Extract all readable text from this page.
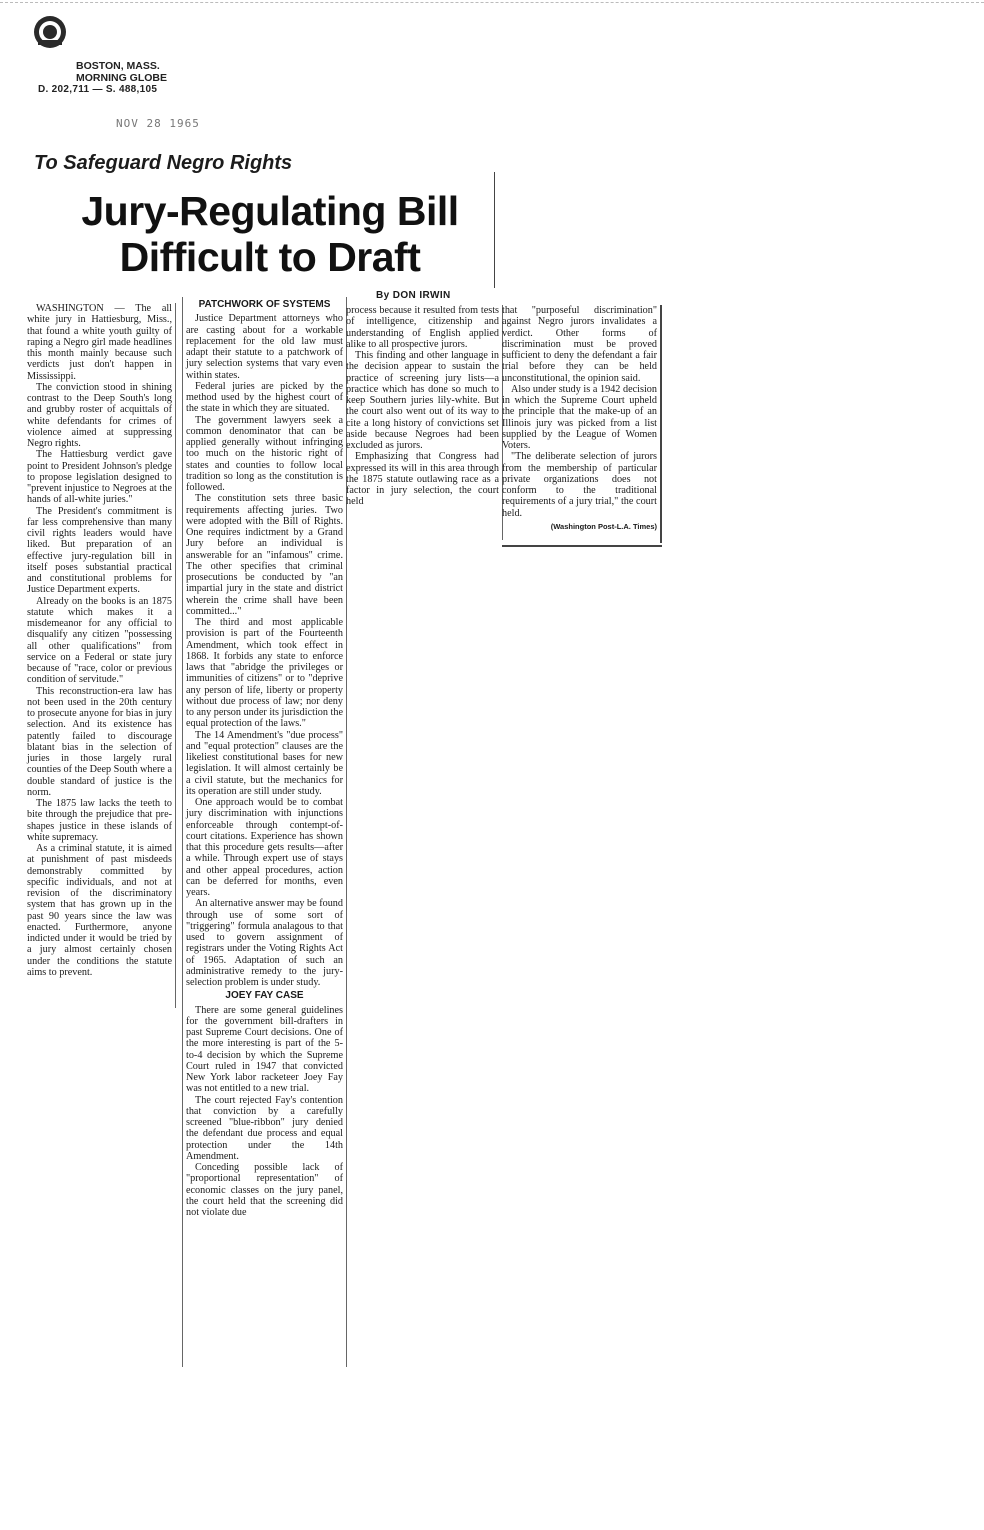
BOSTON, MASS.
MORNING GLOBE
D. 202,711 — S. 488,105
NOV 28 1965
To Safeguard Negro Rights
Jury-Regulating Bill
Difficult to Draft
By DON IRWIN

WASHINGTON — The all white jury in Hattiesburg, Miss., that found a white youth guilty of raping a Negro girl made headlines this month mainly because such verdicts just don't happen in Mississippi.

The conviction stood in shining contrast to the Deep South's long and grubby roster of acquittals of white defendants for crimes of violence aimed at suppressing Negro rights.

The Hattiesburg verdict gave point to President Johnson's pledge to propose legislation designed to "prevent injustice to Negroes at the hands of all-white juries."

The President's commitment is far less comprehensive than many civil rights leaders would have liked. But preparation of an effective jury-regulation bill in itself poses substantial practical and constitutional problems for Justice Department experts.

Already on the books is an 1875 statute which makes it a misdemeanor for any official to disqualify any citizen "possessing all other qualifications" from service on a Federal or state jury because of "race, color or previous condition of servitude."

This reconstruction-era law has not been used in the 20th century to prosecute anyone for bias in jury selection. And its existence has patently failed to discourage blatant bias in the selection of juries in those largely rural counties of the Deep South where a double standard of justice is the norm.

The 1875 law lacks the teeth to bite through the prejudice that pre-shapes justice in these islands of white supremacy.

As a criminal statute, it is aimed at punishment of past misdeeds demonstrably committed by specific individuals, and not at revision of the discriminatory system that has grown up in the past 90 years since the law was enacted. Furthermore, anyone indicted under it would be tried by a jury almost certainly chosen under the conditions the statute aims to prevent.

PATCHWORK OF SYSTEMS

Justice Department attorneys who are casting about for a workable replacement for the old law must adapt their statute to a patchwork of jury selection systems that vary even within states.

Federal juries are picked by the method used by the highest court of the state in which they are situated.

The government lawyers seek a common denominator that can be applied generally without infringing too much on the historic right of states and counties to follow local tradition so long as the constitution is followed.

The constitution sets three basic requirements affecting juries. Two were adopted with the Bill of Rights. One requires indictment by a Grand Jury before an individual is answerable for an "infamous" crime. The other specifies that criminal prosecutions be conducted by "an impartial jury in the state and district wherein the crime shall have been committed..."

The third and most applicable provision is part of the Fourteenth Amendment, which took effect in 1868. It forbids any state to enforce laws that "abridge the privileges or immunities of citizens" or to "deprive any person of life, liberty or property without due process of law; nor deny to any person under its jurisdiction the equal protection of the laws."

The 14 Amendment's "due process" and "equal protection" clauses are the likeliest constitutional bases for new legislation. It will almost certainly be a civil statute, but the mechanics for its operation are still under study.

One approach would be to combat jury discrimination with injunctions enforceable through contempt-of-court citations. Experience has shown that this procedure gets results—after a while. Through expert use of stays and other appeal procedures, action can be deferred for months, even years.

An alternative answer may be found through use of some sort of "triggering" formula analagous to that used to govern assignment of registrars under the Voting Rights Act of 1965. Adaptation of such an administrative remedy to the jury-selection problem is under study.

JOEY FAY CASE

There are some general guidelines for the government bill-drafters in past Supreme Court decisions. One of the more interesting is part of the 5-to-4 decision by which the Supreme Court ruled in 1947 that convicted New York labor racketeer Joey Fay was not entitled to a new trial.

The court rejected Fay's contention that conviction by a carefully screened "blue-ribbon" jury denied the defendant due process and equal protection under the 14th Amendment.

Conceding possible lack of "proportional representation" of economic classes on the jury panel, the court held that the screening did not violate due

process because it resulted from tests of intelligence, citizenship and understanding of English applied alike to all prospective jurors.

This finding and other language in the decision appear to sustain the practice of screening jury lists—a practice which has done so much to keep Southern juries lily-white. But the court also went out of its way to cite a long history of convictions set aside because Negroes had been excluded as jurors.

Emphasizing that Congress had expressed its will in this area through the 1875 statute outlawing race as a factor in jury selection, the court held

that "purposeful discrimination" against Negro jurors invalidates a verdict. Other forms of discrimination must be proved sufficient to deny the defendant a fair trial before they can be held unconstitutional, the opinion said.

Also under study is a 1942 decision in which the Supreme Court upheld the principle that the make-up of an Illinois jury was picked from a list supplied by the League of Women Voters.

"The deliberate selection of jurors from the membership of particular private organizations does not conform to the traditional requirements of a jury trial," the court held.

(Washington Post-L.A. Times)
